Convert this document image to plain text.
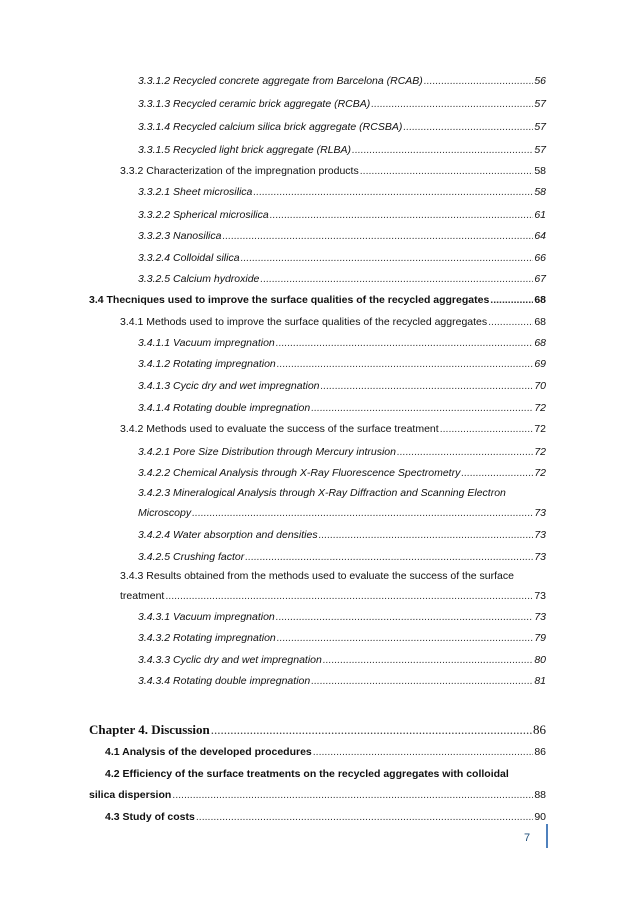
3.3.1.2 Recycled concrete aggregate from Barcelona (RCAB) .....	56
3.3.1.3 Recycled ceramic brick aggregate (RCBA) .....	57
3.3.1.4 Recycled calcium silica brick aggregate (RCSBA) .....	57
3.3.1.5 Recycled light brick aggregate (RLBA) .....	57
3.3.2 Characterization of the impregnation products .....	58
3.3.2.1 Sheet microsilica .....	58
3.3.2.2 Spherical microsilica .....	61
3.3.2.3 Nanosilica .....	64
3.3.2.4 Colloidal silica .....	66
3.3.2.5 Calcium hydroxide .....	67
3.4 Thecniques used to improve the surface qualities of the recycled aggregates .....	68
3.4.1 Methods used to improve the surface qualities of the recycled aggregates .....	68
3.4.1.1 Vacuum impregnation .....	68
3.4.1.2 Rotating impregnation .....	69
3.4.1.3 Cycic dry and wet impregnation .....	70
3.4.1.4 Rotating double impregnation .....	72
3.4.2 Methods used to evaluate the success of the surface treatment .....	72
3.4.2.1 Pore Size Distribution through Mercury intrusion .....	72
3.4.2.2 Chemical Analysis through X-Ray Fluorescence Spectrometry .....	72
3.4.2.3 Mineralogical Analysis through X-Ray Diffraction and Scanning Electron
Microscopy .....	73
3.4.2.4 Water absorption and densities .....	73
3.4.2.5 Crushing factor .....	73
3.4.3 Results obtained from the methods used to evaluate the success of the surface
treatment .....	73
3.4.3.1 Vacuum impregnation .....	73
3.4.3.2 Rotating impregnation .....	79
3.4.3.3 Cyclic dry and wet impregnation .....	80
3.4.3.4 Rotating double impregnation .....	81
Chapter 4. Discussion .....	86
4.1 Analysis of the developed procedures .....	86
4.2 Efficiency of the surface treatments on the recycled aggregates with colloidal
silica dispersion .....	88
4.3 Study of costs .....	90
7
